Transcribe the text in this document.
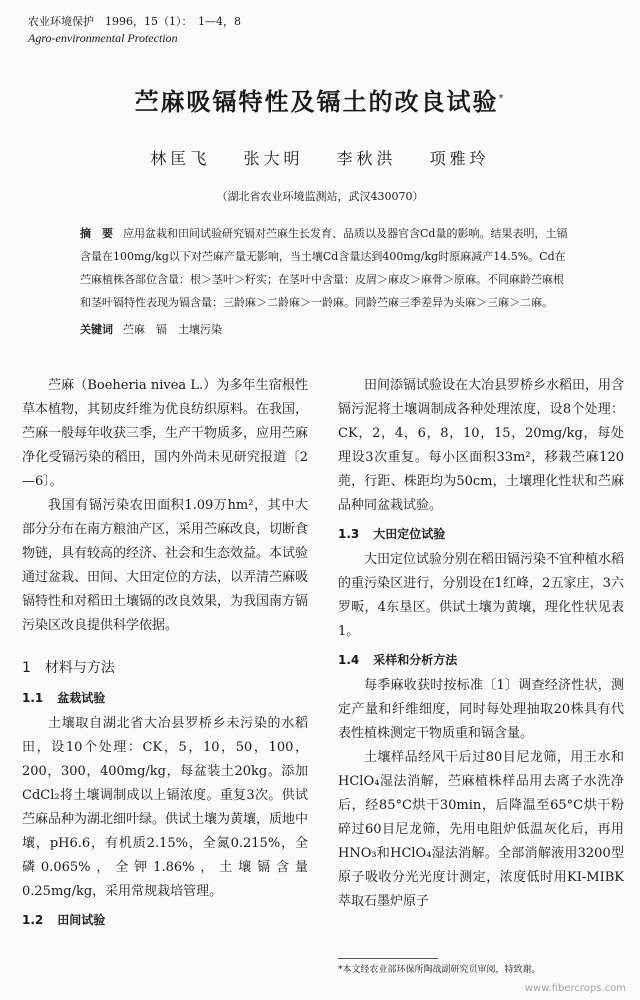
农业环境保护　1996，15（1）：　1—4，8
Agro-environmental Protection
苎麻吸镉特性及镉土的改良试验*
林匡飞 张大明 李秋洪 项雅玲
（湖北省农业环境监测站，武汉430070）
摘　要 应用盆栽和田间试验研究镉对苎麻生长发育、品质以及器官含Cd量的影响。结果表明，土镉含量在100mg/kg以下对苎麻产量无影响，当土壤Cd含量达到400mg/kg时原麻减产14.5%。Cd在苎麻植株各部位含量：根＞茎叶＞籽实；在茎叶中含量：皮屑＞麻皮＞麻骨＞原麻。不同麻龄苎麻根和茎叶镉特性表现为镉含量：三龄麻＞二龄麻＞一龄麻。同龄苎麻三季差异为头麻＞三麻＞二麻。
关键词 苎麻　镉　土壤污染

苎麻（Boeheria nivea L.）为多年生宿根性草本植物，其韧皮纤维为优良纺织原料。在我国，苎麻一般每年收获三季，生产干物质多，应用苎麻净化受镉污染的稻田，国内外尚未见研究报道〔2—6〕。

我国有镉污染农田面积1.09万hm²，其中大部分分布在南方粮油产区，采用苎麻改良，切断食物链，具有较高的经济、社会和生态效益。本试验通过盆栽、田间、大田定位的方法，以弄清苎麻吸镉特性和对稻田土壤镉的改良效果，为我国南方镉污染区改良提供科学依据。

1 材料与方法
1.1 盆栽试验

土壤取自湖北省大冶县罗桥乡未污染的水稻田，设10个处理：CK，5，10，50，100，200，300，400mg/kg，每盆装土20kg。添加CdCl₂将土壤调制成以上镉浓度。重复3次。供试苎麻品种为湖北细叶绿。供试土壤为黄壤，质地中壤，pH6.6，有机质2.15%，全氮0.215%，全磷0.065%，全钾1.86%，土壤镉含量0.25mg/kg，采用常规栽培管理。

1.2 田间试验

田间添镉试验设在大冶县罗桥乡水稻田，用含镉污泥将土壤调制成各种处理浓度，设8个处理：CK，2，4，6，8，10，15，20mg/kg，每处理设3次重复。每小区面积33m²，移栽苎麻120蔸，行距、株距均为50cm，土壤理化性状和苎麻品种同盆栽试验。

1.3 大田定位试验

大田定位试验分别在稻田镉污染不宜种植水稻的重污染区进行，分别设在1红峰，2五家庄，3六罗畈，4东垦区。供试土壤为黄壤，理化性状见表1。

1.4 采样和分析方法

每季麻收获时按标准〔1〕调查经济性状，测定产量和纤维细度，同时每处理抽取20株具有代表性植株测定干物质重和镉含量。

土壤样品经风干后过80目尼龙筛，用王水和HClO₄湿法消解，苎麻植株样品用去离子水洗净后，经85°C烘干30min，后降温至65°C烘干粉碎过60目尼龙筛，先用电阻炉低温灰化后，再用HNO₃和HClO₄湿法消解。全部消解液用3200型原子吸收分光光度计测定，浓度低时用KI-MIBK萃取石墨炉原子

*本文经农业部环保所陶战副研究员审阅，特致谢。
www.fibercrops.com
